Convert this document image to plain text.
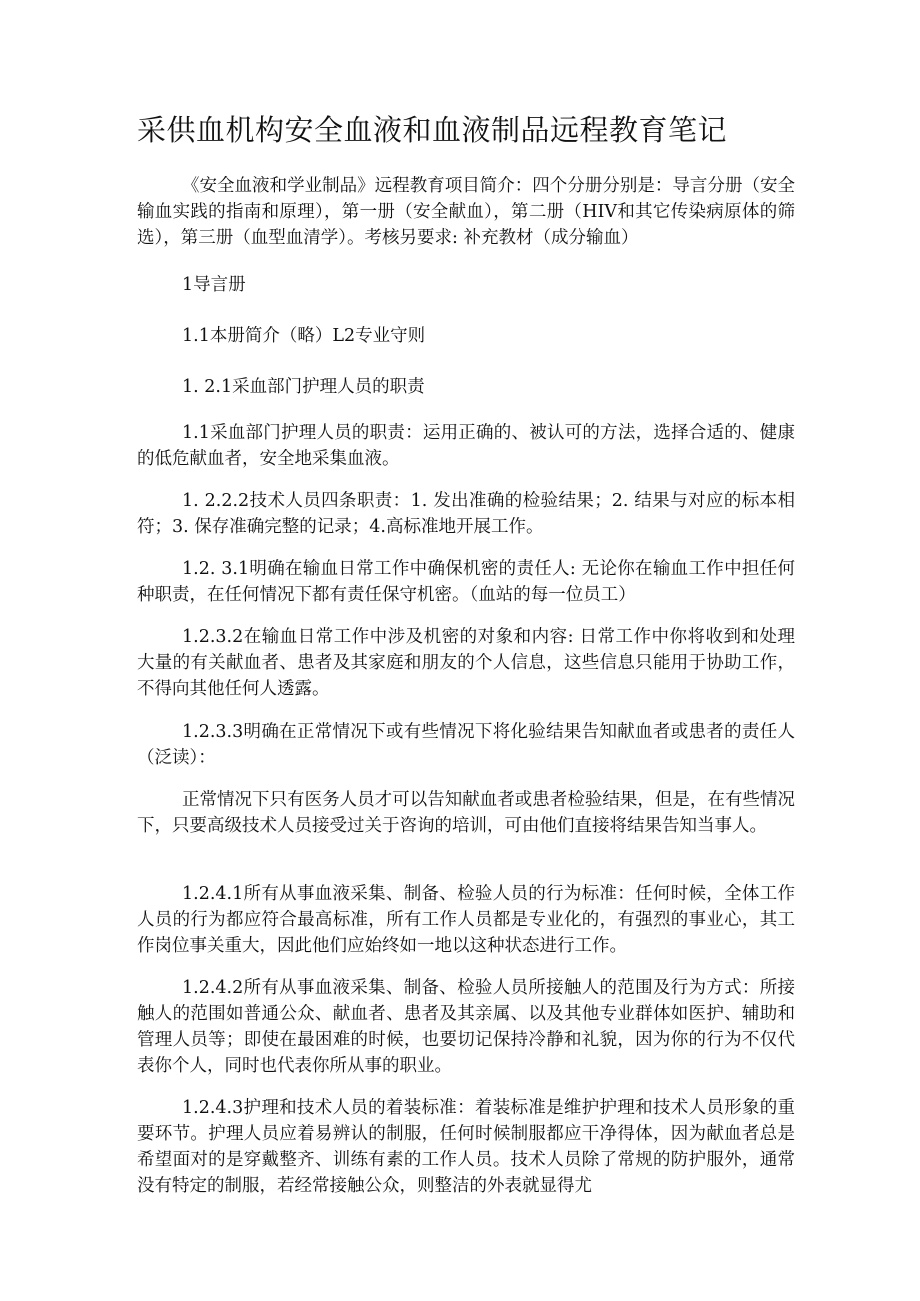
采供血机构安全血液和血液制品远程教育笔记

《安全血液和学业制品》远程教育项目简介：四个分册分别是：导言分册（安全输血实践的指南和原理），第一册（安全献血），第二册（HIV和其它传染病原体的筛选），第三册（血型血清学）。考核另要求: 补充教材（成分输血）

1导言册

1.1本册简介（略）L2专业守则

1. 2.1采血部门护理人员的职责

1.1采血部门护理人员的职责：运用正确的、被认可的方法，选择合适的、健康的低危献血者，安全地采集血液。

1. 2.2.2技术人员四条职责：1. 发出准确的检验结果；2. 结果与对应的标本相符；3. 保存准确完整的记录；4.高标准地开展工作。

1.2. 3.1明确在输血日常工作中确保机密的责任人: 无论你在输血工作中担任何种职责，在任何情况下都有责任保守机密。（血站的每一位员工）

1.2.3.2在输血日常工作中涉及机密的对象和内容: 日常工作中你将收到和处理大量的有关献血者、患者及其家庭和朋友的个人信息，这些信息只能用于协助工作，不得向其他任何人透露。

1.2.3.3明确在正常情况下或有些情况下将化验结果告知献血者或患者的责任人（泛读）：

正常情况下只有医务人员才可以告知献血者或患者检验结果，但是，在有些情况下，只要高级技术人员接受过关于咨询的培训，可由他们直接将结果告知当事人。

1.2.4.1所有从事血液采集、制备、检验人员的行为标准：任何时候，全体工作人员的行为都应符合最高标准，所有工作人员都是专业化的，有强烈的事业心，其工作岗位事关重大，因此他们应始终如一地以这种状态进行工作。

1.2.4.2所有从事血液采集、制备、检验人员所接触人的范围及行为方式：所接触人的范围如普通公众、献血者、患者及其亲属、以及其他专业群体如医护、辅助和管理人员等；即使在最困难的时候，也要切记保持冷静和礼貌，因为你的行为不仅代表你个人，同时也代表你所从事的职业。

1.2.4.3护理和技术人员的着装标准：着装标准是维护护理和技术人员形象的重要环节。护理人员应着易辨认的制服，任何时候制服都应干净得体，因为献血者总是希望面对的是穿戴整齐、训练有素的工作人员。技术人员除了常规的防护服外，通常没有特定的制服，若经常接触公众，则整洁的外表就显得尤
